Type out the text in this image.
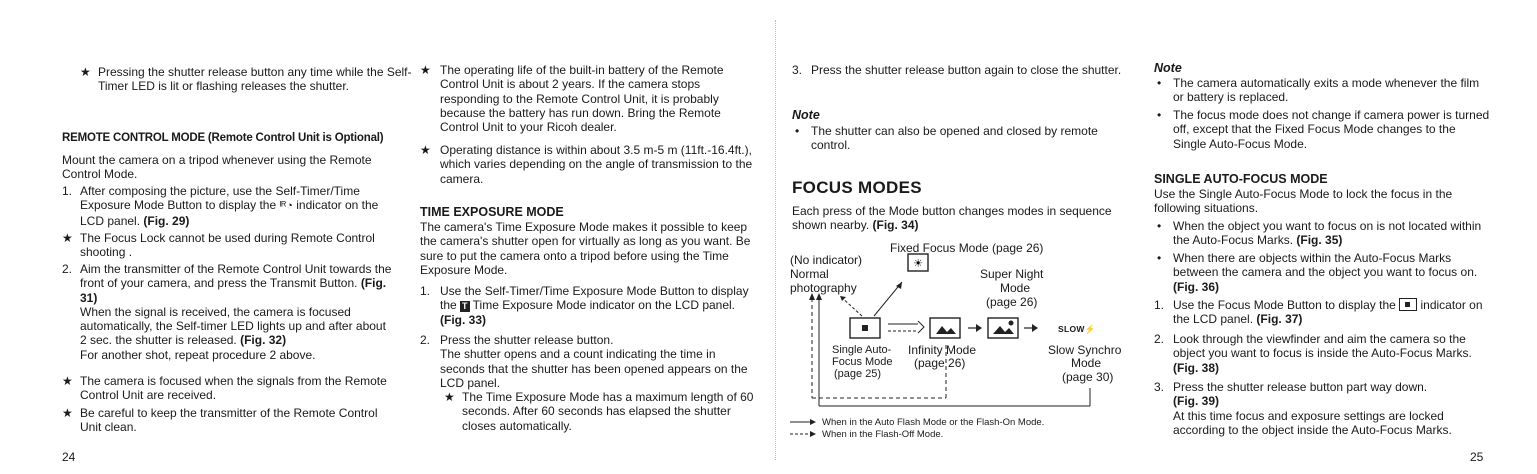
★ Pressing the shutter release button any time while the Self-Timer LED is lit or flashing releases the shutter.

REMOTE CONTROL MODE (Remote Control Unit is Optional)

Mount the camera on a tripod whenever using the Remote Control Mode.

1. After composing the picture, use the Self-Timer/Time Exposure Mode Button to display the ᴵᴿ◔ indicator on the LCD panel. (Fig. 29)

★ The Focus Lock cannot be used during Remote Control shooting .

2. Aim the transmitter of the Remote Control Unit towards the front of your camera, and press the Transmit Button. (Fig. 31)

When the signal is received, the camera is focused automatically, the Self-timer LED lights up and after about 2 sec. the shutter is released. (Fig. 32)

For another shot, repeat procedure 2 above.

★ The camera is focused when the signals from the Remote Control Unit are received.

★ Be careful to keep the transmitter of the Remote Control Unit clean.

24
★ The operating life of the built-in battery of the Remote Control Unit is about 2 years. If the camera stops responding to the Remote Control Unit, it is probably because the battery has run down. Bring the Remote Control Unit to your Ricoh dealer.

★ Operating distance is within about 3.5 m-5 m (11ft.-16.4ft.), which varies depending on the angle of transmission to the camera.

TIME EXPOSURE MODE

The camera's Time Exposure Mode makes it possible to keep the camera's shutter open for virtually as long as you want. Be sure to put the camera onto a tripod before using the Time Exposure Mode.

1. Use the Self-Timer/Time Exposure Mode Button to display the T Time Exposure Mode indicator on the LCD panel. (Fig. 33)

2. Press the shutter release button.

The shutter opens and a count indicating the time in seconds that the shutter has been opened appears on the LCD panel.

★ The Time Exposure Mode has a maximum length of 60 seconds. After 60 seconds has elapsed the shutter closes automatically.

3. Press the shutter release button again to close the shutter.

Note
• The shutter can also be opened and closed by remote control.

FOCUS MODES

Each press of the Mode button changes modes in sequence shown nearby. (Fig. 34)

☀
(No indicator)
Normal
photography
Fixed Focus Mode (page 26)
Super Night
Mode
(page 26)
SLOW⚡
Single Auto-
Focus Mode
(page 25)
Infinity Mode
(page 26)
Slow Synchro
Mode
(page 30)
When in the Auto Flash Mode or the Flash-On Mode.
When in the Flash-Off Mode.
Note
• The camera automatically exits a mode whenever the film or battery is replaced.

• The focus mode does not change if camera power is turned off, except that the Fixed Focus Mode changes to the Single Auto-Focus Mode.

SINGLE AUTO-FOCUS MODE

Use the Single Auto-Focus Mode to lock the focus in the following situations.

• When the object you want to focus on is not located within the Auto-Focus Marks. (Fig. 35)

• When there are objects within the Auto-Focus Marks between the camera and the object you want to focus on. (Fig. 36)

1. Use the Focus Mode Button to display the indicator on the LCD panel. (Fig. 37)

2. Look through the viewfinder and aim the camera so the object you want to focus is inside the Auto-Focus Marks. (Fig. 38)

3. Press the shutter release button part way down.

(Fig. 39)

At this time focus and exposure settings are locked according to the object inside the Auto-Focus Marks.

25
